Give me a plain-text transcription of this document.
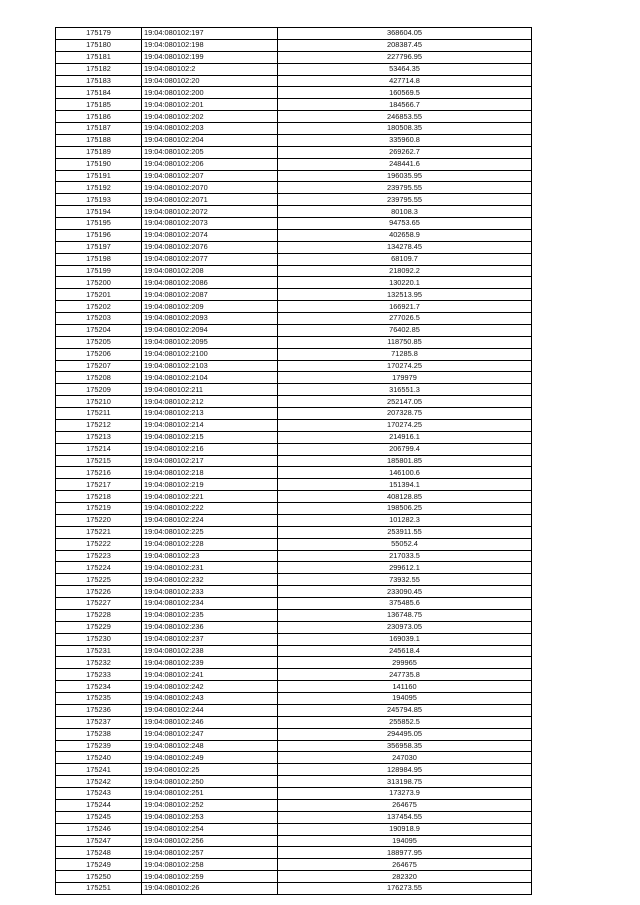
175179	19:04:080102:197	368604.05
175180	19:04:080102:198	208387.45
175181	19:04:080102:199	227796.95
175182	19:04:080102:2	53464.35
175183	19:04:080102:20	427714.8
175184	19:04:080102:200	160569.5
175185	19:04:080102:201	184566.7
175186	19:04:080102:202	246853.55
175187	19:04:080102:203	180508.35
175188	19:04:080102:204	335960.8
175189	19:04:080102:205	269262.7
175190	19:04:080102:206	248441.6
175191	19:04:080102:207	196035.95
175192	19:04:080102:2070	239795.55
175193	19:04:080102:2071	239795.55
175194	19:04:080102:2072	80108.3
175195	19:04:080102:2073	94753.65
175196	19:04:080102:2074	402658.9
175197	19:04:080102:2076	134278.45
175198	19:04:080102:2077	68109.7
175199	19:04:080102:208	218092.2
175200	19:04:080102:2086	130220.1
175201	19:04:080102:2087	132513.95
175202	19:04:080102:209	166921.7
175203	19:04:080102:2093	277026.5
175204	19:04:080102:2094	76402.85
175205	19:04:080102:2095	118750.85
175206	19:04:080102:2100	71285.8
175207	19:04:080102:2103	170274.25
175208	19:04:080102:2104	179979
175209	19:04:080102:211	316551.3
175210	19:04:080102:212	252147.05
175211	19:04:080102:213	207328.75
175212	19:04:080102:214	170274.25
175213	19:04:080102:215	214916.1
175214	19:04:080102:216	206799.4
175215	19:04:080102:217	185801.85
175216	19:04:080102:218	146100.6
175217	19:04:080102:219	151394.1
175218	19:04:080102:221	408128.85
175219	19:04:080102:222	198506.25
175220	19:04:080102:224	101282.3
175221	19:04:080102:225	253911.55
175222	19:04:080102:228	55052.4
175223	19:04:080102:23	217033.5
175224	19:04:080102:231	299612.1
175225	19:04:080102:232	73932.55
175226	19:04:080102:233	233090.45
175227	19:04:080102:234	375485.6
175228	19:04:080102:235	136748.75
175229	19:04:080102:236	230973.05
175230	19:04:080102:237	169039.1
175231	19:04:080102:238	245618.4
175232	19:04:080102:239	299965
175233	19:04:080102:241	247735.8
175234	19:04:080102:242	141160
175235	19:04:080102:243	194095
175236	19:04:080102:244	245794.85
175237	19:04:080102:246	255852.5
175238	19:04:080102:247	294495.05
175239	19:04:080102:248	356958.35
175240	19:04:080102:249	247030
175241	19:04:080102:25	128984.95
175242	19:04:080102:250	313198.75
175243	19:04:080102:251	173273.9
175244	19:04:080102:252	264675
175245	19:04:080102:253	137454.55
175246	19:04:080102:254	190918.9
175247	19:04:080102:256	194095
175248	19:04:080102:257	188977.95
175249	19:04:080102:258	264675
175250	19:04:080102:259	282320
175251	19:04:080102:26	176273.55
